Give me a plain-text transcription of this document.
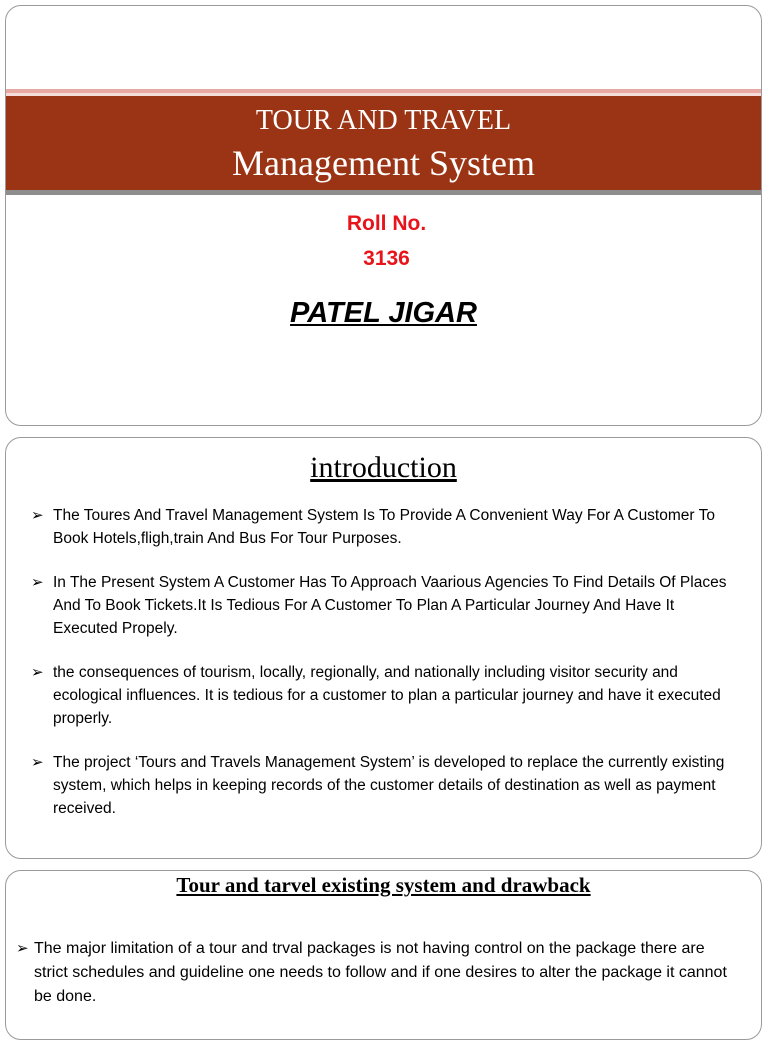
TOUR AND TRAVEL
Management System
Roll No.
3136
PATEL JIGAR
introduction
➢ The Toures And Travel Management System Is To Provide A Convenient Way For A Customer To Book Hotels,fligh,train And Bus For Tour Purposes.
➢ In The Present System A Customer Has To Approach Vaarious Agencies To Find Details Of Places And To Book Tickets.It Is Tedious For A Customer To Plan A Particular Journey And Have It Executed Propely.
➢ the consequences of tourism, locally, regionally, and nationally including visitor security and ecological influences. It is tedious for a customer to plan a particular journey and have it executed properly.
➢ The project ‘Tours and Travels Management System’ is developed to replace the currently existing system, which helps in keeping records of the customer details of destination as well as payment received.
Tour and tarvel existing system and drawback
➢ The major limitation of a tour and trval packages is not having control on the package there are strict schedules and guideline one needs to follow and if one desires to alter the package it cannot be done.
